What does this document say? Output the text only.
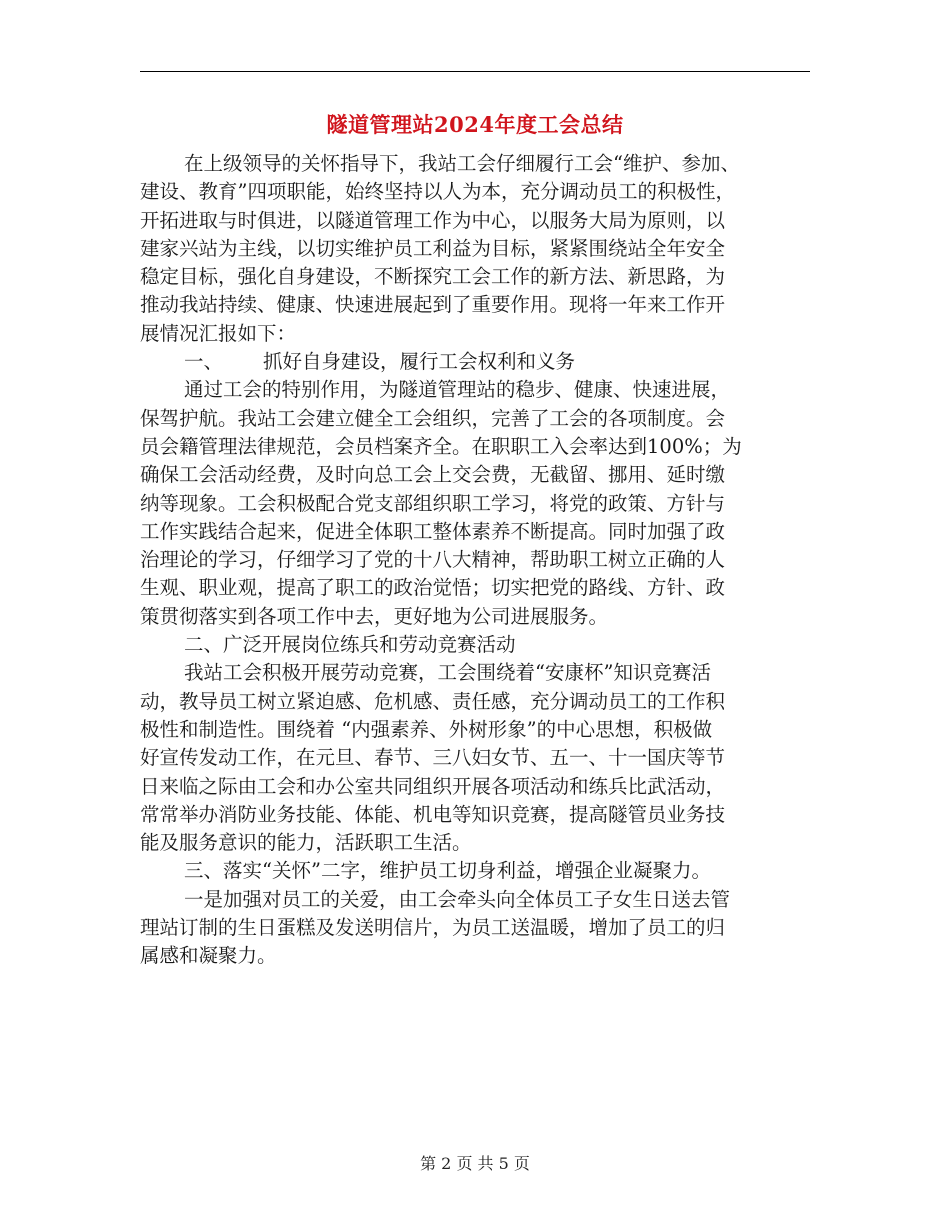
隧道管理站2024年度工会总结
在上级领导的关怀指导下，我站工会仔细履行工会“维护、参加、
建设、教育”四项职能，始终坚持以人为本，充分调动员工的积极性，
开拓进取与时俱进，以隧道管理工作为中心，以服务大局为原则，以
建家兴站为主线，以切实维护员工利益为目标，紧紧围绕站全年安全
稳定目标，强化自身建设，不断探究工会工作的新方法、新思路，为
推动我站持续、健康、快速进展起到了重要作用。现将一年来工作开
展情况汇报如下：
一、 抓好自身建设，履行工会权利和义务
通过工会的特别作用，为隧道管理站的稳步、健康、快速进展，
保驾护航。我站工会建立健全工会组织，完善了工会的各项制度。会
员会籍管理法律规范，会员档案齐全。在职职工入会率达到100%；为
确保工会活动经费，及时向总工会上交会费，无截留、挪用、延时缴
纳等现象。工会积极配合党支部组织职工学习，将党的政策、方针与
工作实践结合起来，促进全体职工整体素养不断提高。同时加强了政
治理论的学习，仔细学习了党的十八大精神，帮助职工树立正确的人
生观、职业观，提高了职工的政治觉悟；切实把党的路线、方针、政
策贯彻落实到各项工作中去，更好地为公司进展服务。
二、广泛开展岗位练兵和劳动竞赛活动
我站工会积极开展劳动竞赛，工会围绕着“安康杯”知识竞赛活
动，教导员工树立紧迫感、危机感、责任感，充分调动员工的工作积
极性和制造性。围绕着 “内强素养、外树形象”的中心思想，积极做
好宣传发动工作，在元旦、春节、三八妇女节、五一、十一国庆等节
日来临之际由工会和办公室共同组织开展各项活动和练兵比武活动，
常常举办消防业务技能、体能、机电等知识竞赛，提高隧管员业务技
能及服务意识的能力，活跃职工生活。
三、落实“关怀”二字，维护员工切身利益，增强企业凝聚力。
一是加强对员工的关爱，由工会牵头向全体员工子女生日送去管
理站订制的生日蛋糕及发送明信片，为员工送温暖，增加了员工的归
属感和凝聚力。
第 2 页 共 5 页
